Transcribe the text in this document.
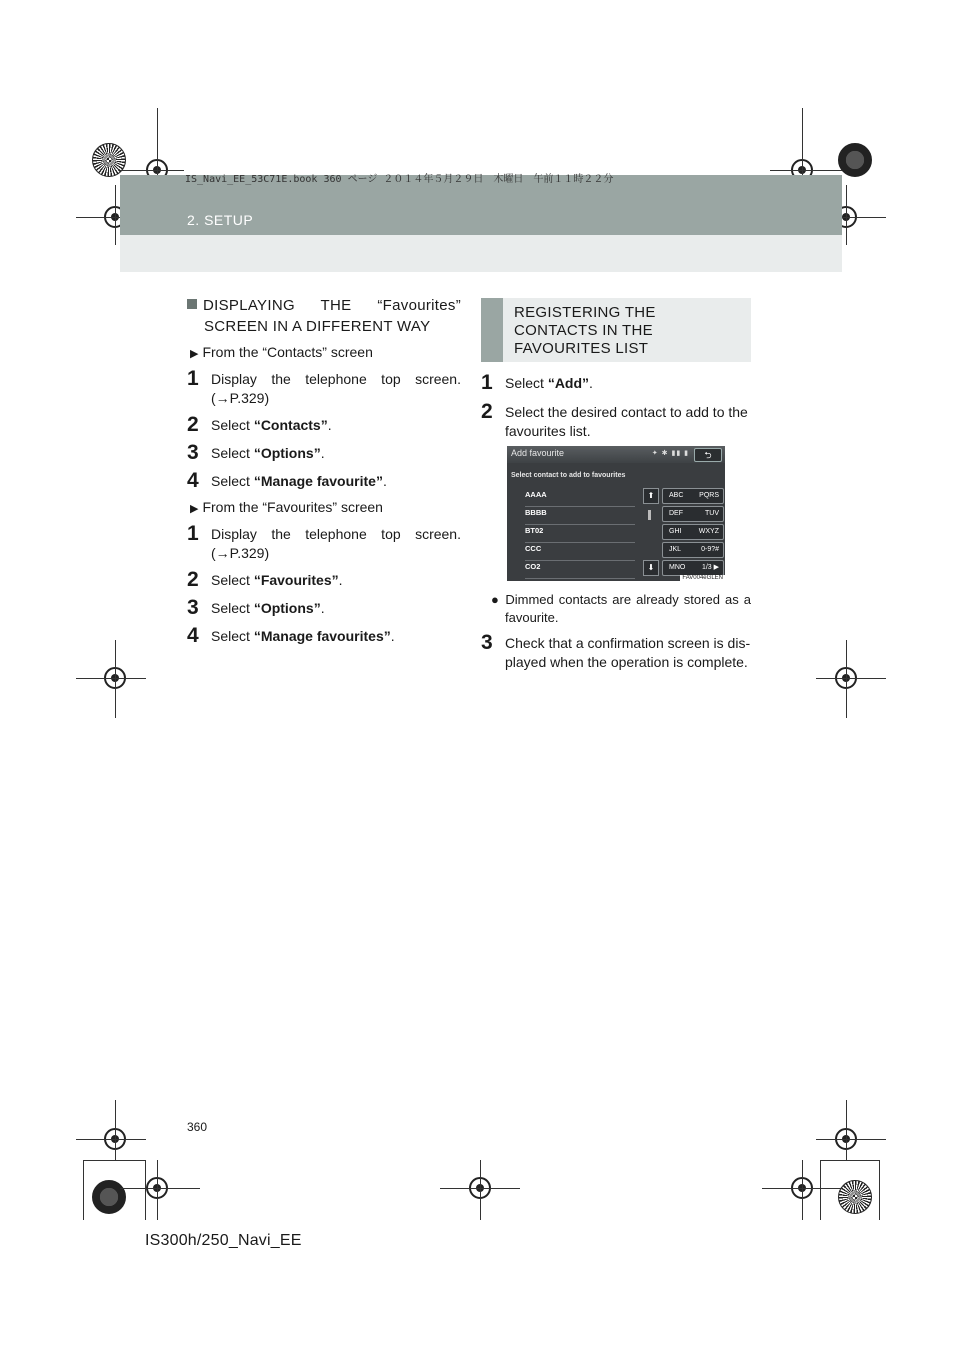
IS_Navi_EE_53C71E.book 360 ページ ２０１４年５月２９日　木曜日　午前１１時２２分
2. SETUP
DISPLAYING THE “Favourites”
SCREEN IN A DIFFERENT WAY
▶ From the “Contacts” screen
1 Display the telephone top screen.
(→P.329)
2 Select “Contacts”.
3 Select “Options”.
4 Select “Manage favourite”.
▶ From the “Favourites” screen
1 Display the telephone top screen.
(→P.329)
2 Select “Favourites”.
3 Select “Options”.
4 Select “Manage favourites”.
REGISTERING THE
CONTACTS IN THE
FAVOURITES LIST
1 Select “Add”.
2 Select the desired contact to add to the
favourites list.
Add favourite	✦ ✱ ▮▮ ▮	⮌
Select contact to add to favourites
AAAA
BBBB
BT02
CCC
CO2
⬆
⬇
ABC PQRS
DEF	TUV
GHI WXYZ
JKL	0-9?#
MNO 1/3 ▶
FAV004eGLEN
● Dimmed contacts are already stored as a
favourite.
3 Check that a confirmation screen is dis-
played when the operation is complete.
360
IS300h/250_Navi_EE
